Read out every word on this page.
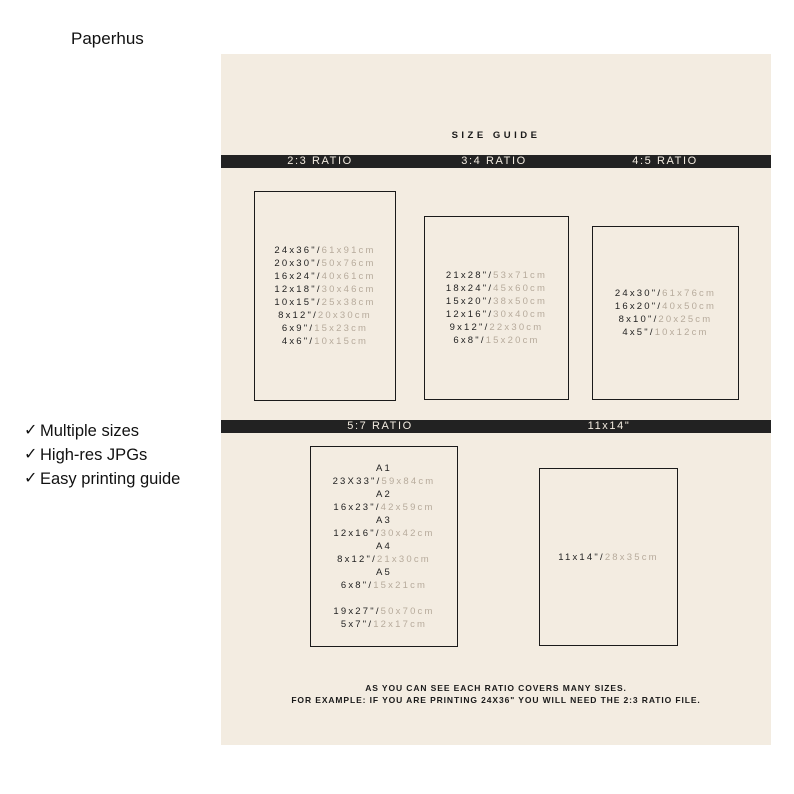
Paperhus
✓ Multiple sizes
✓ High-res JPGs
✓ Easy printing guide
SIZE GUIDE
2:3 RATIO	3:4 RATIO	4:5 RATIO
24x36"/61x91cm
20x30"/50x76cm
16x24"/40x61cm
12x18"/30x46cm
10x15"/25x38cm
8x12"/20x30cm
6x9"/15x23cm
4x6"/10x15cm
21x28"/53x71cm
18x24"/45x60cm
15x20"/38x50cm
12x16"/30x40cm
9x12"/22x30cm
6x8"/15x20cm
24x30"/61x76cm
16x20"/40x50cm
8x10"/20x25cm
4x5"/10x12cm
5:7 RATIO	11x14"
A1
23X33"/59x84cm
A2
16x23"/42x59cm
A3
12x16"/30x42cm
A4
8x12"/21x30cm
A5
6x8"/15x21cm
19x27"/50x70cm
5x7"/12x17cm
11x14"/28x35cm
AS YOU CAN SEE EACH RATIO COVERS MANY SIZES.
FOR EXAMPLE: IF YOU ARE PRINTING 24X36" YOU WILL NEED THE 2:3 RATIO FILE.
